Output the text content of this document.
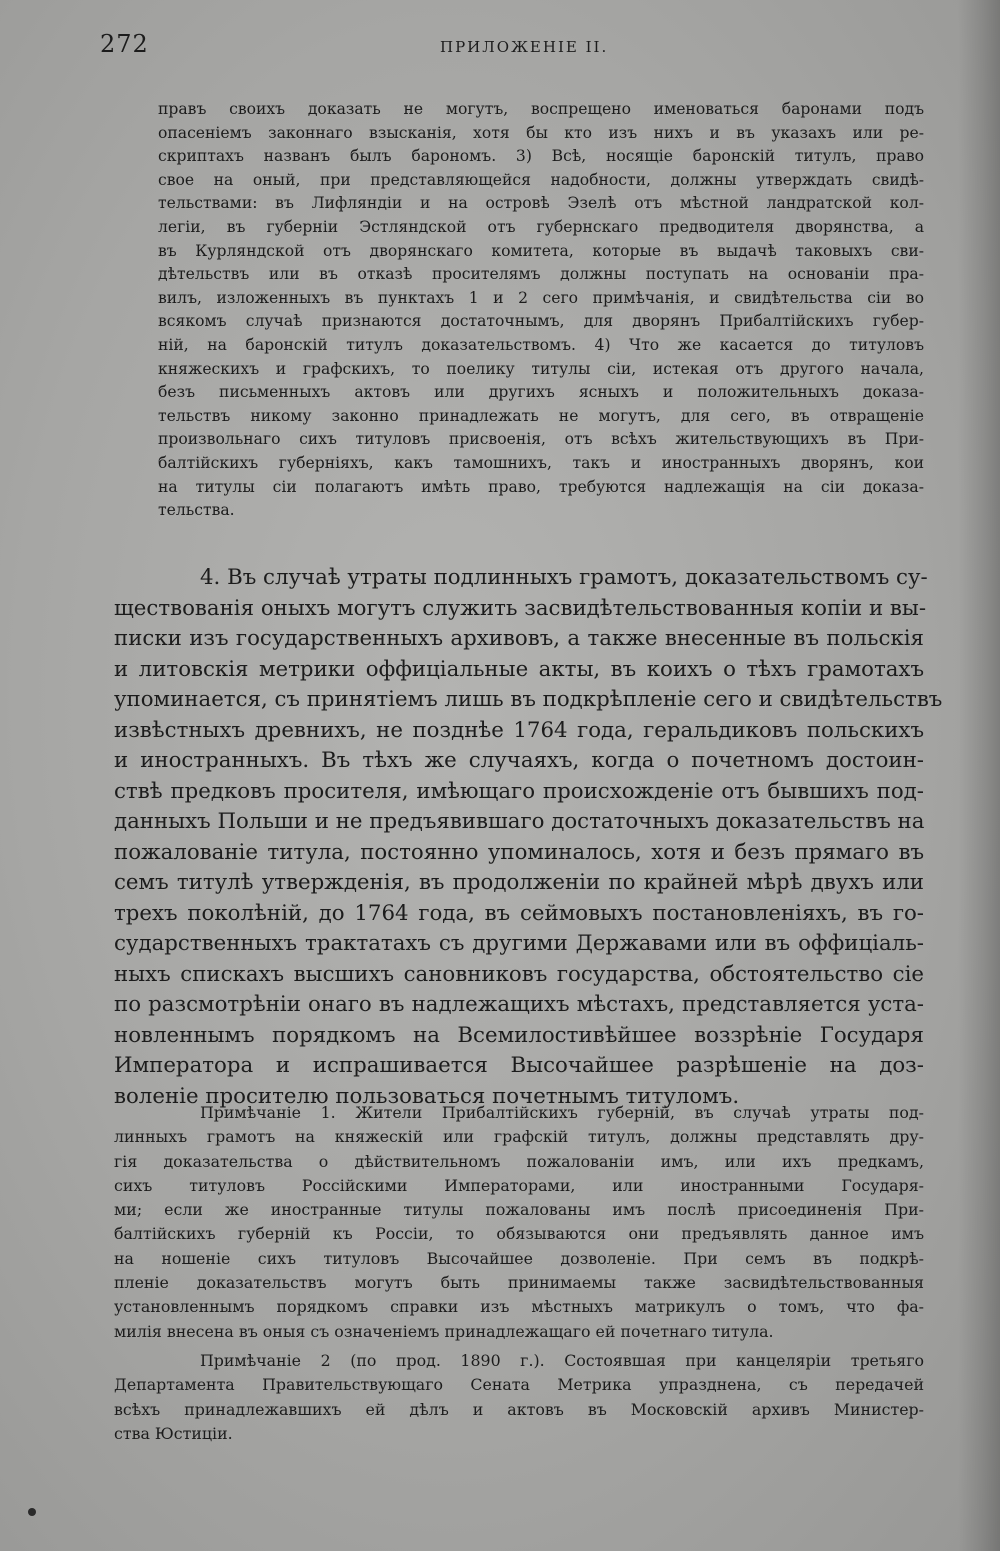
272	ПРИЛОЖЕНІЕ II.
правъ своихъ доказать не могутъ, воспрещено именоваться баронами подъ
опасеніемъ законнаго взысканія, хотя бы кто изъ нихъ и въ указахъ или ре-
скриптахъ названъ былъ барономъ. 3) Всѣ, носящіе баронскій титулъ, право
свое на оный, при представляющейся надобности, должны утверждать свидѣ-
тельствами: въ Лифляндіи и на островѣ Эзелѣ отъ мѣстной ландратской кол-
легіи, въ губерніи Эстляндской отъ губернскаго предводителя дворянства, а
въ Курляндской отъ дворянскаго комитета, которые въ выдачѣ таковыхъ сви-
дѣтельствъ или въ отказѣ просителямъ должны поступать на основаніи пра-
вилъ, изложенныхъ въ пунктахъ 1 и 2 сего примѣчанія, и свидѣтельства сіи во
всякомъ случаѣ признаются достаточнымъ, для дворянъ Прибалтійскихъ губер-
ній, на баронскій титулъ доказательствомъ. 4) Что же касается до титуловъ
княжескихъ и графскихъ, то поелику титулы сіи, истекая отъ другого начала,
безъ письменныхъ актовъ или другихъ ясныхъ и положительныхъ доказа-
тельствъ никому законно принадлежать не могутъ, для сего, въ отвращеніе
произвольнаго сихъ титуловъ присвоенія, отъ всѣхъ жительствующихъ въ При-
балтійскихъ губерніяхъ, какъ тамошнихъ, такъ и иностранныхъ дворянъ, кои
на титулы сіи полагаютъ имѣть право, требуются надлежащія на сіи доказа-
тельства.
4. Въ случаѣ утраты подлинныхъ грамотъ, доказательствомъ су-
ществованія оныхъ могутъ служить засвидѣтельствованныя копіи и вы-
писки изъ государственныхъ архивовъ, а также внесенные въ польскія
и литовскія метрики оффиціальные акты, въ коихъ о тѣхъ грамотахъ
упоминается, съ принятіемъ лишь въ подкрѣпленіе сего и свидѣтельствъ
извѣстныхъ древнихъ, не позднѣе 1764 года, геральдиковъ польскихъ
и иностранныхъ. Въ тѣхъ же случаяхъ, когда о почетномъ достоин-
ствѣ предковъ просителя, имѣющаго происхожденіе отъ бывшихъ под-
данныхъ Польши и не предъявившаго достаточныхъ доказательствъ на
пожалованіе титула, постоянно упоминалось, хотя и безъ прямаго въ
семъ титулѣ утвержденія, въ продолженіи по крайней мѣрѣ двухъ или
трехъ поколѣній, до 1764 года, въ сеймовыхъ постановленіяхъ, въ го-
сударственныхъ трактатахъ съ другими Державами или въ оффиціаль-
ныхъ спискахъ высшихъ сановниковъ государства, обстоятельство сіе
по разсмотрѣніи онаго въ надлежащихъ мѣстахъ, представляется уста-
новленнымъ порядкомъ на Всемилостивѣйшее воззрѣніе Государя
Императора и испрашивается Высочайшее разрѣшеніе на доз-
воленіе просителю пользоваться почетнымъ титуломъ.
Примѣчаніе 1. Жители Прибалтійскихъ губерній, въ случаѣ утраты под-
линныхъ грамотъ на княжескій или графскій титулъ, должны представлять дру-
гія доказательства о дѣйствительномъ пожалованіи имъ, или ихъ предкамъ,
сихъ титуловъ Россійскими Императорами, или иностранными Государя-
ми; если же иностранные титулы пожалованы имъ послѣ присоединенія При-
балтійскихъ губерній къ Россіи, то обязываются они предъявлять данное имъ
на ношеніе сихъ титуловъ Высочайшее дозволеніе. При семъ въ подкрѣ-
пленіе доказательствъ могутъ быть принимаемы также засвидѣтельствованныя
установленнымъ порядкомъ справки изъ мѣстныхъ матрикулъ о томъ, что фа-
милія внесена въ оныя съ означеніемъ принадлежащаго ей почетнаго титула.
Примѣчаніе 2 (по прод. 1890 г.). Состоявшая при канцеляріи третьяго
Департамента Правительствующаго Сената Метрика упразднена, съ передачей
всѣхъ принадлежавшихъ ей дѣлъ и актовъ въ Московскій архивъ Министер-
ства Юстиціи.
